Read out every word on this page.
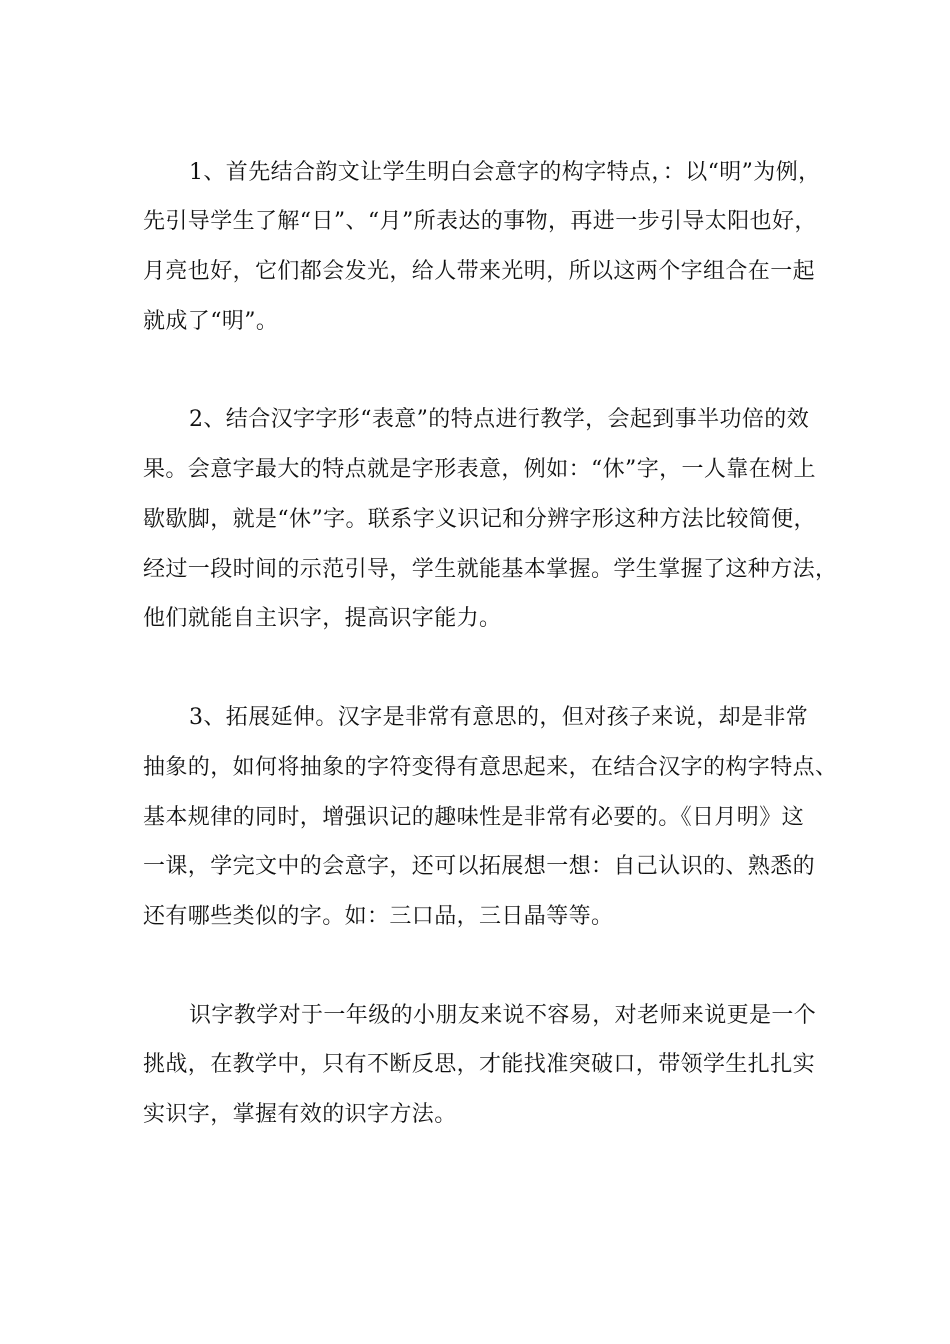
1、首先结合韵文让学生明白会意字的构字特点，：以“明”为例，
先引导学生了解“日”、“月”所表达的事物，再进一步引导太阳也好，
月亮也好，它们都会发光，给人带来光明，所以这两个字组合在一起
就成了“明”。
2、结合汉字字形“表意”的特点进行教学，会起到事半功倍的效
果。会意字最大的特点就是字形表意，例如：“休”字，一人靠在树上
歇歇脚，就是“休”字。联系字义识记和分辨字形这种方法比较简便，
经过一段时间的示范引导，学生就能基本掌握。学生掌握了这种方法，
他们就能自主识字，提高识字能力。
3、拓展延伸。汉字是非常有意思的，但对孩子来说，却是非常
抽象的，如何将抽象的字符变得有意思起来，在结合汉字的构字特点、
基本规律的同时，增强识记的趣味性是非常有必要的。《日月明》这
一课，学完文中的会意字，还可以拓展想一想：自己认识的、熟悉的
还有哪些类似的字。如：三口品，三日晶等等。
识字教学对于一年级的小朋友来说不容易，对老师来说更是一个
挑战，在教学中，只有不断反思，才能找准突破口，带领学生扎扎实
实识字，掌握有效的识字方法。
